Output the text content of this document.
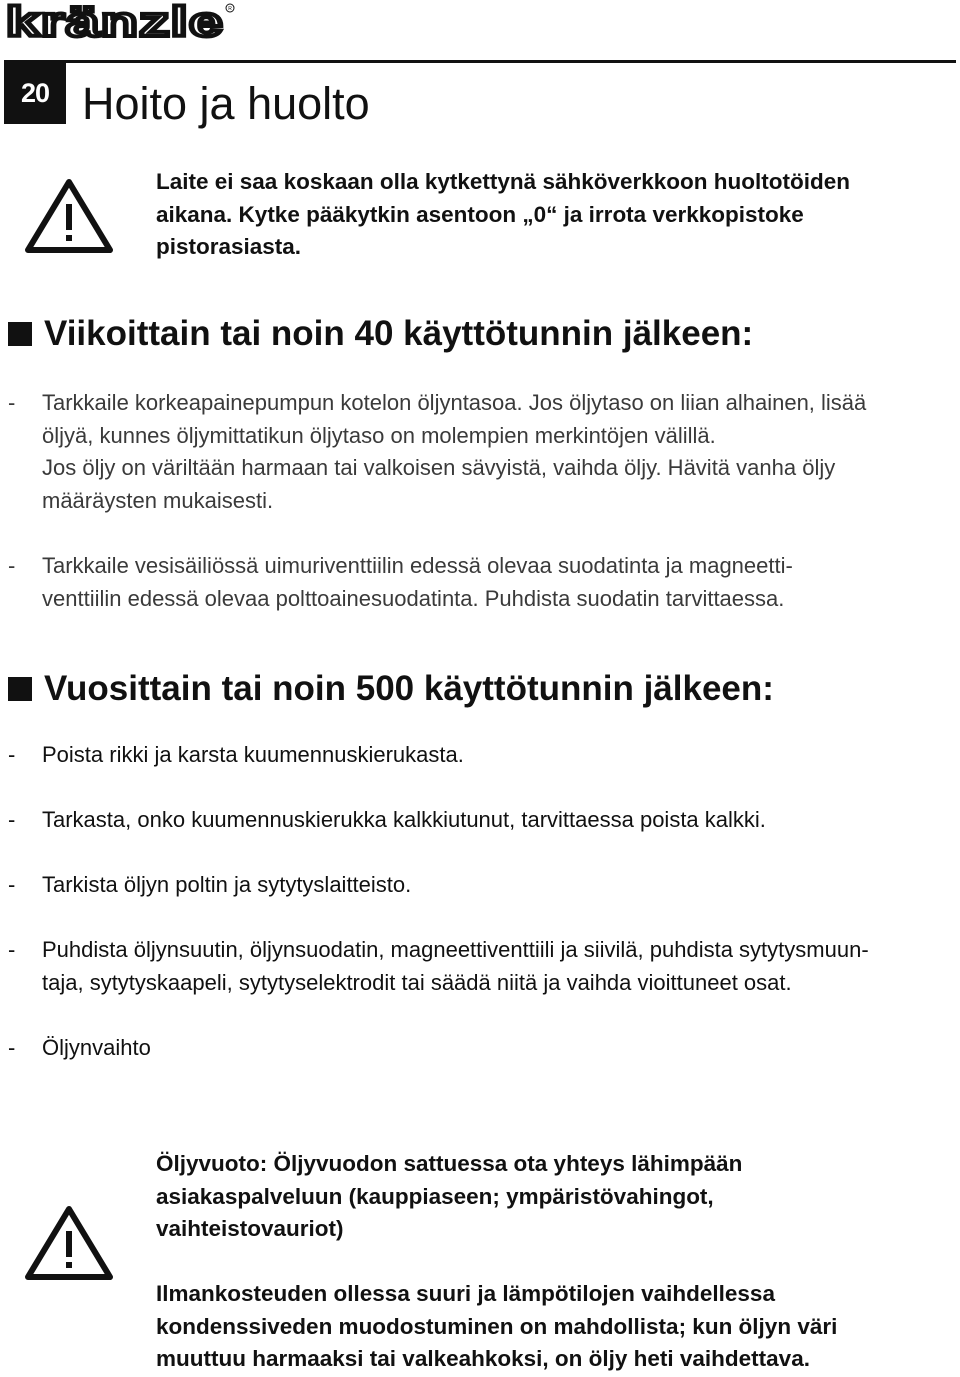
kränzle R
20 Hoito ja huolto
Laite ei saa koskaan olla kytkettynä sähköverkkoon huoltotöiden
aikana. Kytke pääkytkin asentoon „0“ ja irrota verkkopistoke
pistorasiasta.
Viikoittain tai noin 40 käyttötunnin jälkeen:
- Tarkkaile korkeapainepumpun kotelon öljyntasoa. Jos öljytaso on liian alhainen, lisää
öljyä, kunnes öljymittatikun öljytaso on molempien merkintöjen välillä.
Jos öljy on väriltään harmaan tai valkoisen sävyistä, vaihda öljy. Hävitä vanha öljy
määräysten mukaisesti.

- Tarkkaile vesisäiliössä uimuriventtiilin edessä olevaa suodatinta ja magneetti-
venttiilin edessä olevaa polttoainesuodatinta. Puhdista suodatin tarvittaessa.

Vuosittain tai noin 500 käyttötunnin jälkeen:
- Poista rikki ja karsta kuumennuskierukasta.

- Tarkasta, onko kuumennuskierukka kalkkiutunut, tarvittaessa poista kalkki.

- Tarkista öljyn poltin ja sytytyslaitteisto.

- Puhdista öljynsuutin, öljynsuodatin, magneettiventtiili ja siivilä, puhdista sytytysmuun-
taja, sytytyskaapeli, sytytyselektrodit tai säädä niitä ja vaihda vioittuneet osat.

- Öljynvaihto

Öljyvuoto: Öljyvuodon sattuessa ota yhteys lähimpään
asiakaspalveluun (kauppiaseen; ympäristövahingot,
vaihteistovauriot)
Ilmankosteuden ollessa suuri ja lämpötilojen vaihdellessa
kondenssiveden muodostuminen on mahdollista; kun öljyn väri
muuttuu harmaaksi tai valkeahkoksi, on öljy heti vaihdettava.
